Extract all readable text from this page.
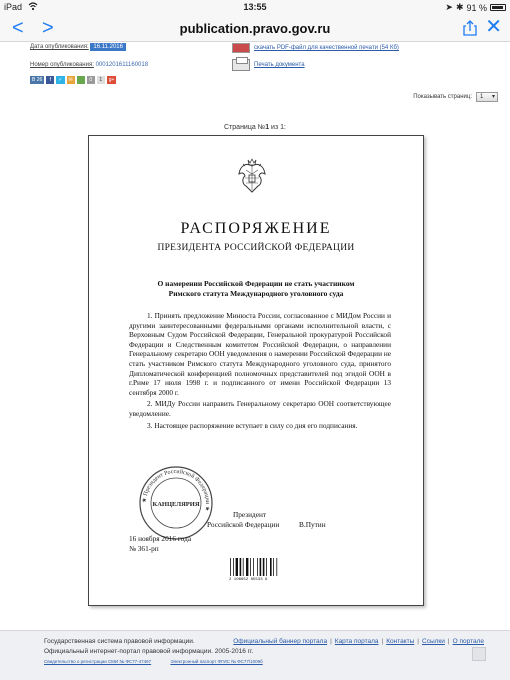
iPad	13:55	➤ ✱ 91 %
< >	publication.pravo.gov.ru	✕
Дата опубликования: 16.11.2016
Номер опубликования: 0001201611160018
В 26	f	✓	✉	0	1	g+
скачать PDF-файл для качественной печати (54 Кб)
Печать документа
Показывать страниц:	1 ▾
Страница №1 из 1:
РАСПОРЯЖЕНИЕ
ПРЕЗИДЕНТА РОССИЙСКОЙ ФЕДЕРАЦИИ
О намерении Российской Федерации не стать участником
Римского статута Международного уголовного суда

1. Принять предложение Минюста России, согласованное с МИДом России и другими заинтересованными федеральными органами исполнительной власти, с Верховным Судом Российской Федерации, Генеральной прокуратурой Российской Федерации и Следственным комитетом Российской Федерации, о направлении Генеральному секретарю ООН уведомления о намерении Российской Федерации не стать участником Римского статута Международного уголовного суда, принятого Дипломатической конференцией полномочных представителей под эгидой ООН в г.Риме 17 июля 1998 г. и подписанного от имени Российской Федерации 13 сентября 2000 г.

2. МИДу России направить Генеральному секретарю ООН соответствующее уведомление.

3. Настоящее распоряжение вступает в силу со дня его подписания.

★ Президент Российской Федерации ★
КАНЦЕЛЯРИЯ
Президент
Российской Федерации	В.Путин
16 ноября 2016 года
№ 361-рп
2 106652 85533 6
Государственная система правовой информации.
Официальный интернет-портал правовой информации. 2005-2016 гг.
Официальный баннер портала | Карта портала | Контакты | Ссылки | О портале
Свидетельство о регистрации СМИ № ФС77-47467	Электронный паспорт ФГИС № ФС77/1009б
